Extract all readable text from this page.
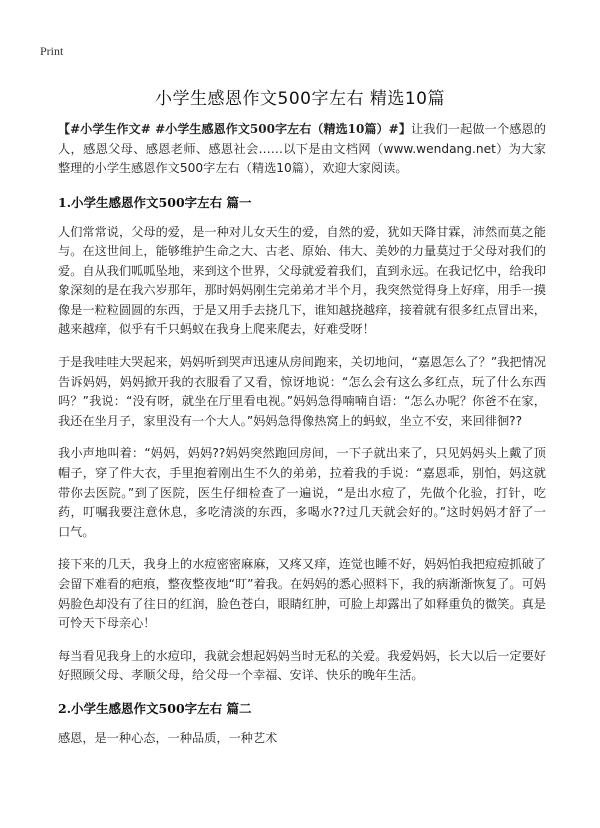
Print
小学生感恩作文500字左右 精选10篇
【#小学生作文# #小学生感恩作文500字左右（精选10篇）#】让我们一起做一个感恩的人，感恩父母、感恩老师、感恩社会……以下是由文档网（www.wendang.net）为大家整理的小学生感恩作文500字左右（精选10篇），欢迎大家阅读。
1.小学生感恩作文500字左右 篇一

人们常常说，父母的爱，是一种对儿女天生的爱，自然的爱，犹如天降甘霖，沛然而莫之能与。在这世间上，能够维护生命之大、古老、原始、伟大、美妙的力量莫过于父母对我们的爱。自从我们呱呱坠地，来到这个世界，父母就爱着我们，直到永远。在我记忆中，给我印象深刻的是在我六岁那年，那时妈妈刚生完弟弟才半个月，我突然觉得身上好痒，用手一摸像是一粒粒圆圆的东西，于是又用手去挠几下，谁知越挠越痒，接着就有很多红点冒出来，越来越痒，似乎有千只蚂蚁在我身上爬来爬去，好难受呀！

于是我哇哇大哭起来，妈妈听到哭声迅速从房间跑来，关切地问，“嘉恩怎么了？”我把情况告诉妈妈，妈妈掀开我的衣服看了又看，惊讶地说：“怎么会有这么多红点，玩了什么东西吗？”我说：“没有呀，就坐在厅里看电视。”妈妈急得喃喃自语：“怎么办呢？你爸不在家，我还在坐月子，家里没有一个大人。”妈妈急得像热窝上的蚂蚁，坐立不安，来回徘徊??

我小声地叫着：“妈妈，妈妈??妈妈突然跑回房间，一下子就出来了，只见妈妈头上戴了顶帽子，穿了件大衣，手里抱着刚出生不久的弟弟，拉着我的手说：“嘉恩乖，别怕，妈这就带你去医院。”到了医院，医生仔细检查了一遍说，“是出水痘了，先做个化验，打针，吃药，叮嘱我要注意休息，多吃清淡的东西，多喝水??过几天就会好的。”这时妈妈才舒了一口气。

接下来的几天，我身上的水痘密密麻麻，又疼又痒，连觉也睡不好，妈妈怕我把痘痘抓破了会留下难看的疤痕，整夜整夜地“盯”着我。在妈妈的悉心照料下，我的病渐渐恢复了。可妈妈脸色却没有了往日的红润，脸色苍白，眼睛红肿，可脸上却露出了如释重负的微笑。真是可怜天下母亲心！

每当看见我身上的水痘印，我就会想起妈妈当时无私的关爱。我爱妈妈，长大以后一定要好好照顾父母、孝顺父母，给父母一个幸福、安详、快乐的晚年生活。

2.小学生感恩作文500字左右 篇二

感恩，是一种心态，一种品质，一种艺术
